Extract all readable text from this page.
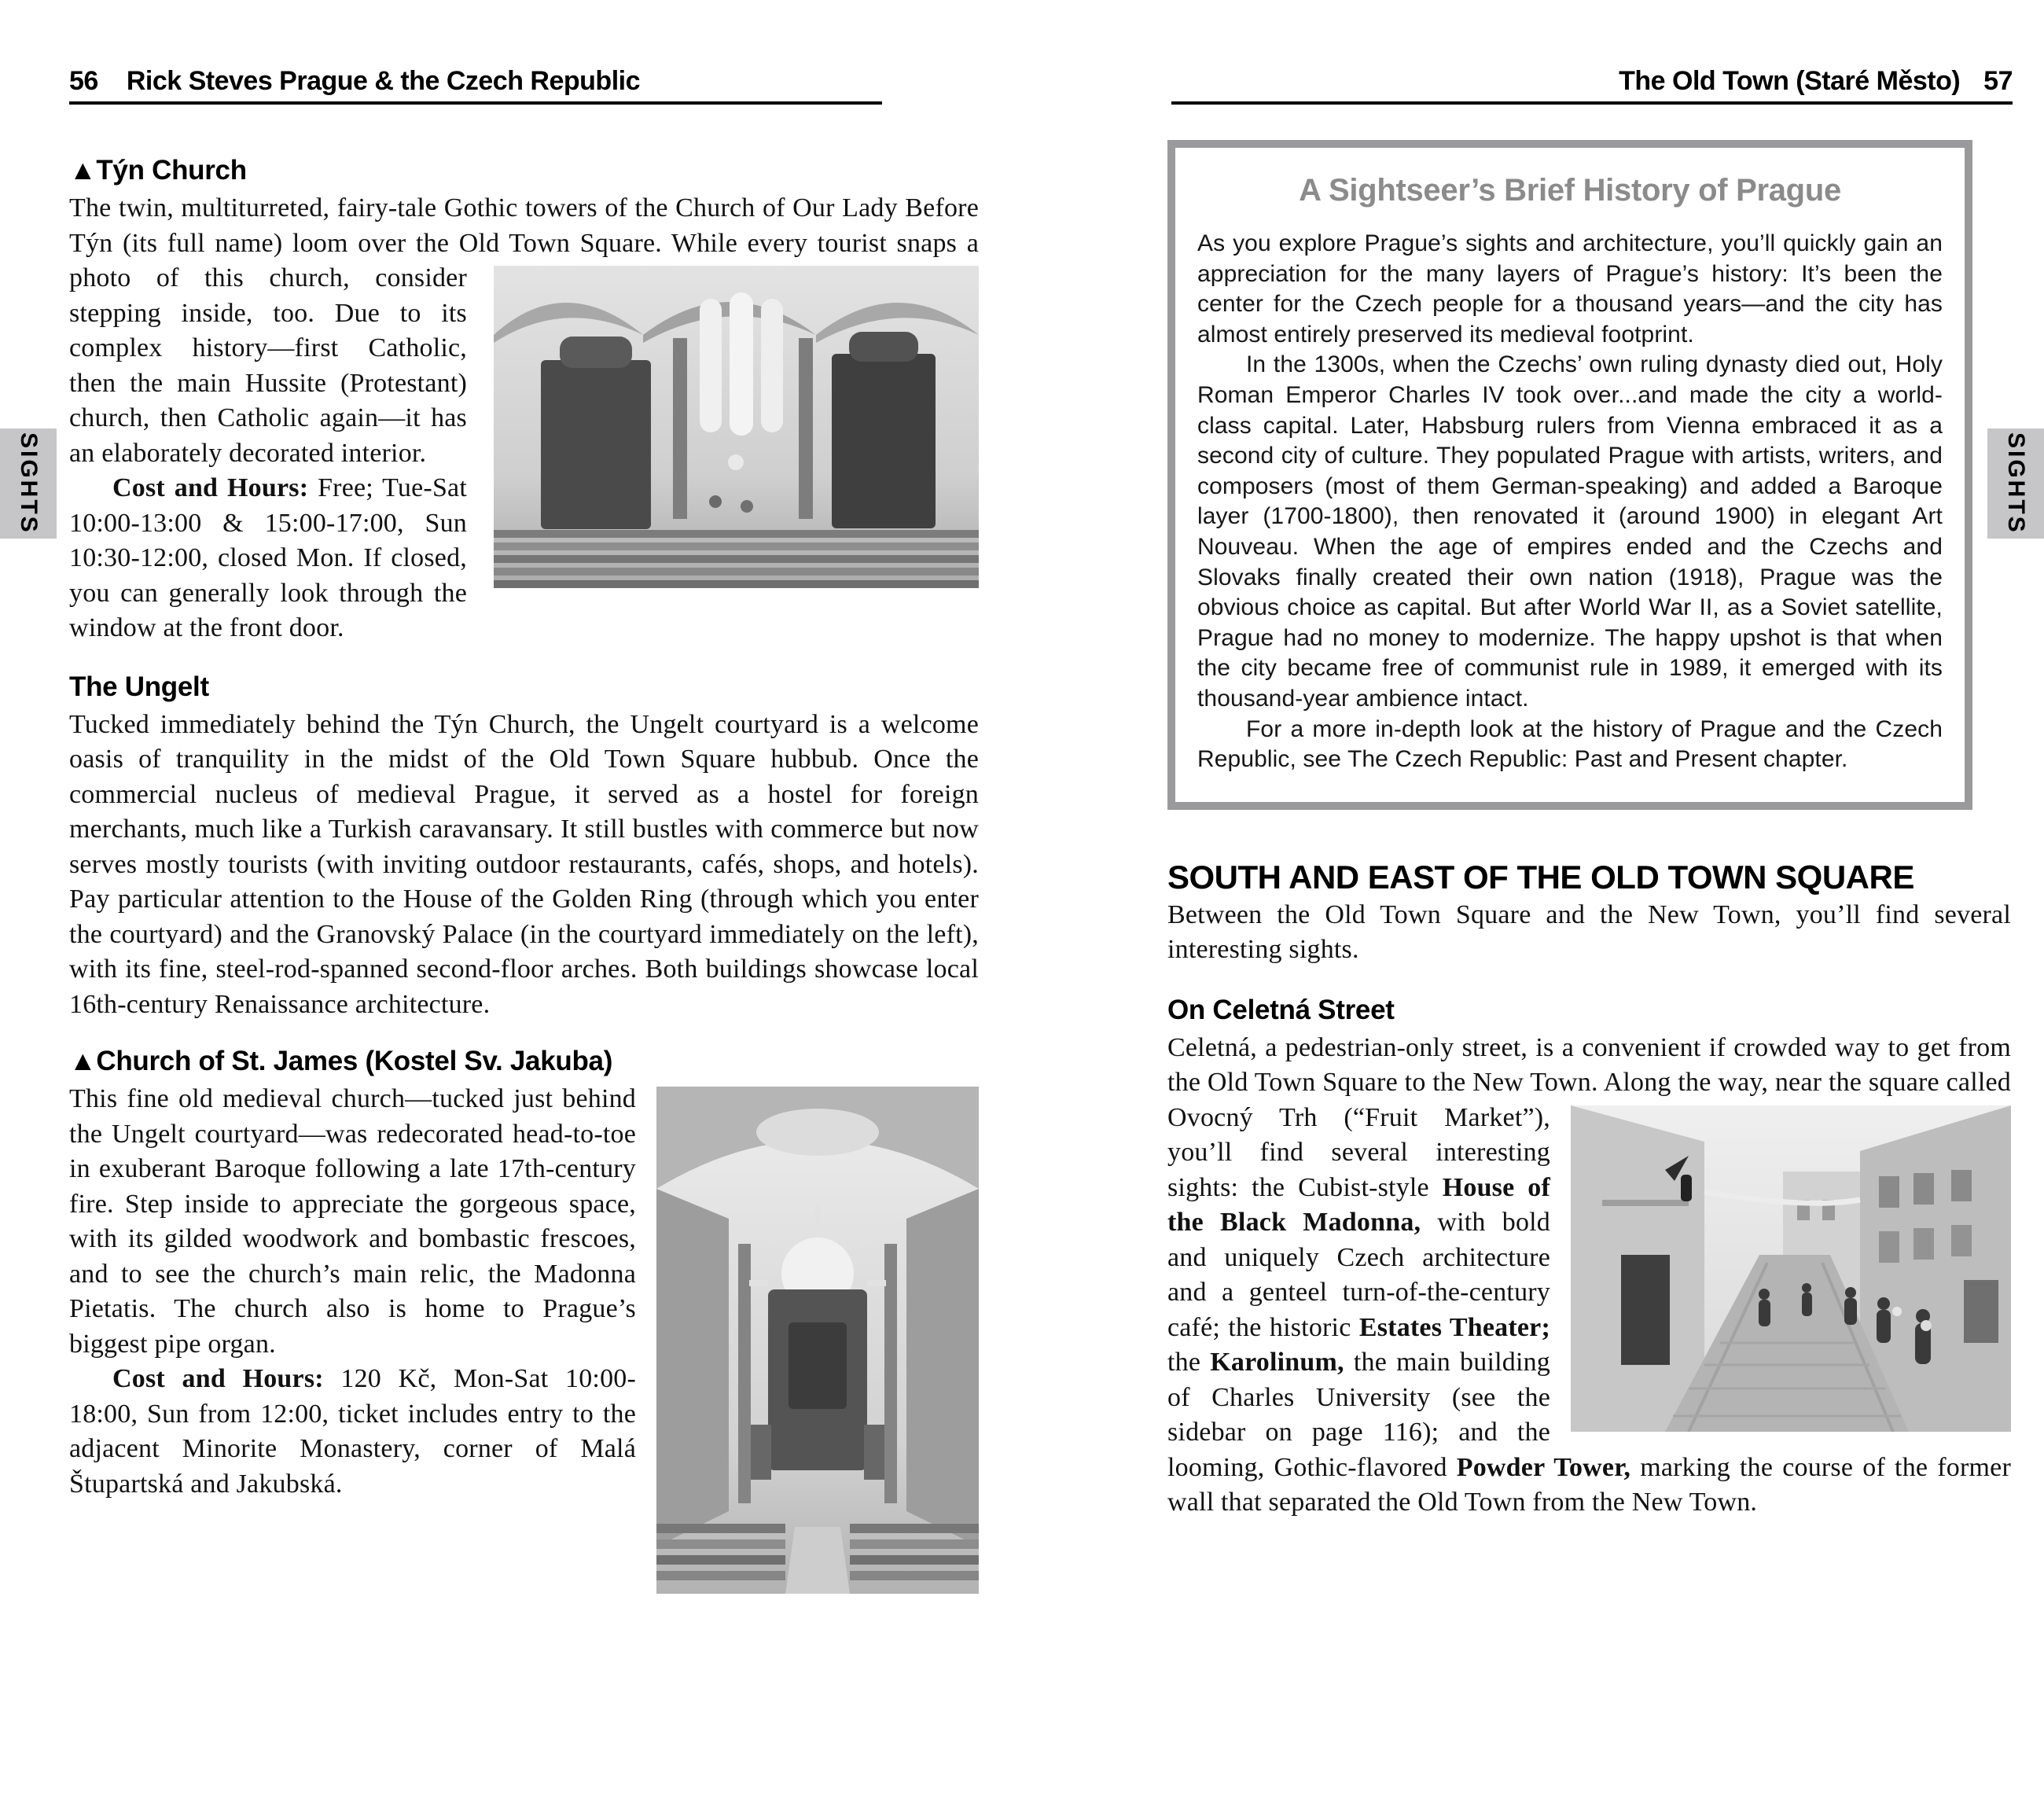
56 Rick Steves Prague & the Czech Republic
SIGHTS
▲Týn Church

The twin, multiturreted, fairy-tale Gothic towers of the Church of Our Lady Before Týn (its full name) loom over the Old Town
Square. While every tourist snaps a photo of this church, consider stepping inside, too. Due to its complex history—first Catholic, then the main Hussite (Protestant) church, then Catholic again—it has an elaborately decorated interior.

Cost and Hours: Free; Tue-Sat 10:00-13:00 & 15:00-17:00, Sun 10:30-12:00, closed Mon. If closed, you can generally look through the window at the front door.

The Ungelt

Tucked immediately behind the Týn Church, the Ungelt courtyard is a welcome oasis of tranquility in the midst of the Old Town Square hubbub. Once the commercial nucleus of medieval Prague, it served as a hostel for foreign merchants, much like a Turkish caravansary. It still bustles with commerce but now serves mostly tourists (with inviting outdoor restaurants, cafés, shops, and hotels). Pay particular attention to the House of the Golden Ring (through which you enter the courtyard) and the Granovský Palace (in the courtyard immediately on the left), with its fine, steel-rod-spanned second-floor arches. Both buildings showcase local 16th-century Renaissance architecture.

▲Church of St. James (Kostel Sv. Jakuba)

This fine old medieval church—tucked just behind the Ungelt courtyard—was redecorated head-to-toe in exuberant Baroque following a late 17th-century fire. Step inside to appreciate the gorgeous space, with its gilded woodwork and bombastic frescoes, and to see the church’s main relic, the Madonna Pietatis. The church also is home to Prague’s biggest pipe organ.

Cost and Hours: 120 Kč, Mon-Sat 10:00-18:00, Sun from 12:00, ticket includes entry to the adjacent Minorite Monastery, corner of Malá Štupartská and Jakubská.

The Old Town (Staré Město) 57
SIGHTS
A Sightseer’s Brief History of Prague

As you explore Prague’s sights and architecture, you’ll quickly gain an appreciation for the many layers of Prague’s history: It’s been the center for the Czech people for a thousand years—and the city has almost entirely preserved its medieval footprint.

In the 1300s, when the Czechs’ own ruling dynasty died out, Holy Roman Emperor Charles IV took over...and made the city a world-class capital. Later, Habsburg rulers from Vienna embraced it as a second city of culture. They populated Prague with artists, writers, and composers (most of them German-speaking) and added a Baroque layer (1700-1800), then renovated it (around 1900) in elegant Art Nouveau. When the age of empires ended and the Czechs and Slovaks finally created their own nation (1918), Prague was the obvious choice as capital. But after World War II, as a Soviet satellite, Prague had no money to modernize. The happy upshot is that when the city became free of communist rule in 1989, it emerged with its thousand-year ambience intact.

For a more in-depth look at the history of Prague and the Czech Republic, see The Czech Republic: Past and Present chapter.

SOUTH AND EAST OF THE OLD TOWN SQUARE

Between the Old Town Square and the New Town, you’ll find several interesting sights.

On Celetná Street

Celetná, a pedestrian-only street, is a convenient if crowded way to get from the Old Town Square to the New Town. Along the
way, near the square called Ovocný Trh (“Fruit Market”), you’ll find several interesting sights: the Cubist-style House of the Black Madonna, with bold and uniquely Czech architecture and a genteel turn-of-the-century café; the historic Estates Theater; the Karolinum, the main building of Charles University (see the sidebar on page 116); and the looming, Gothic-flavored Powder Tower, marking the course of the former wall that separated the Old Town from the New Town.
